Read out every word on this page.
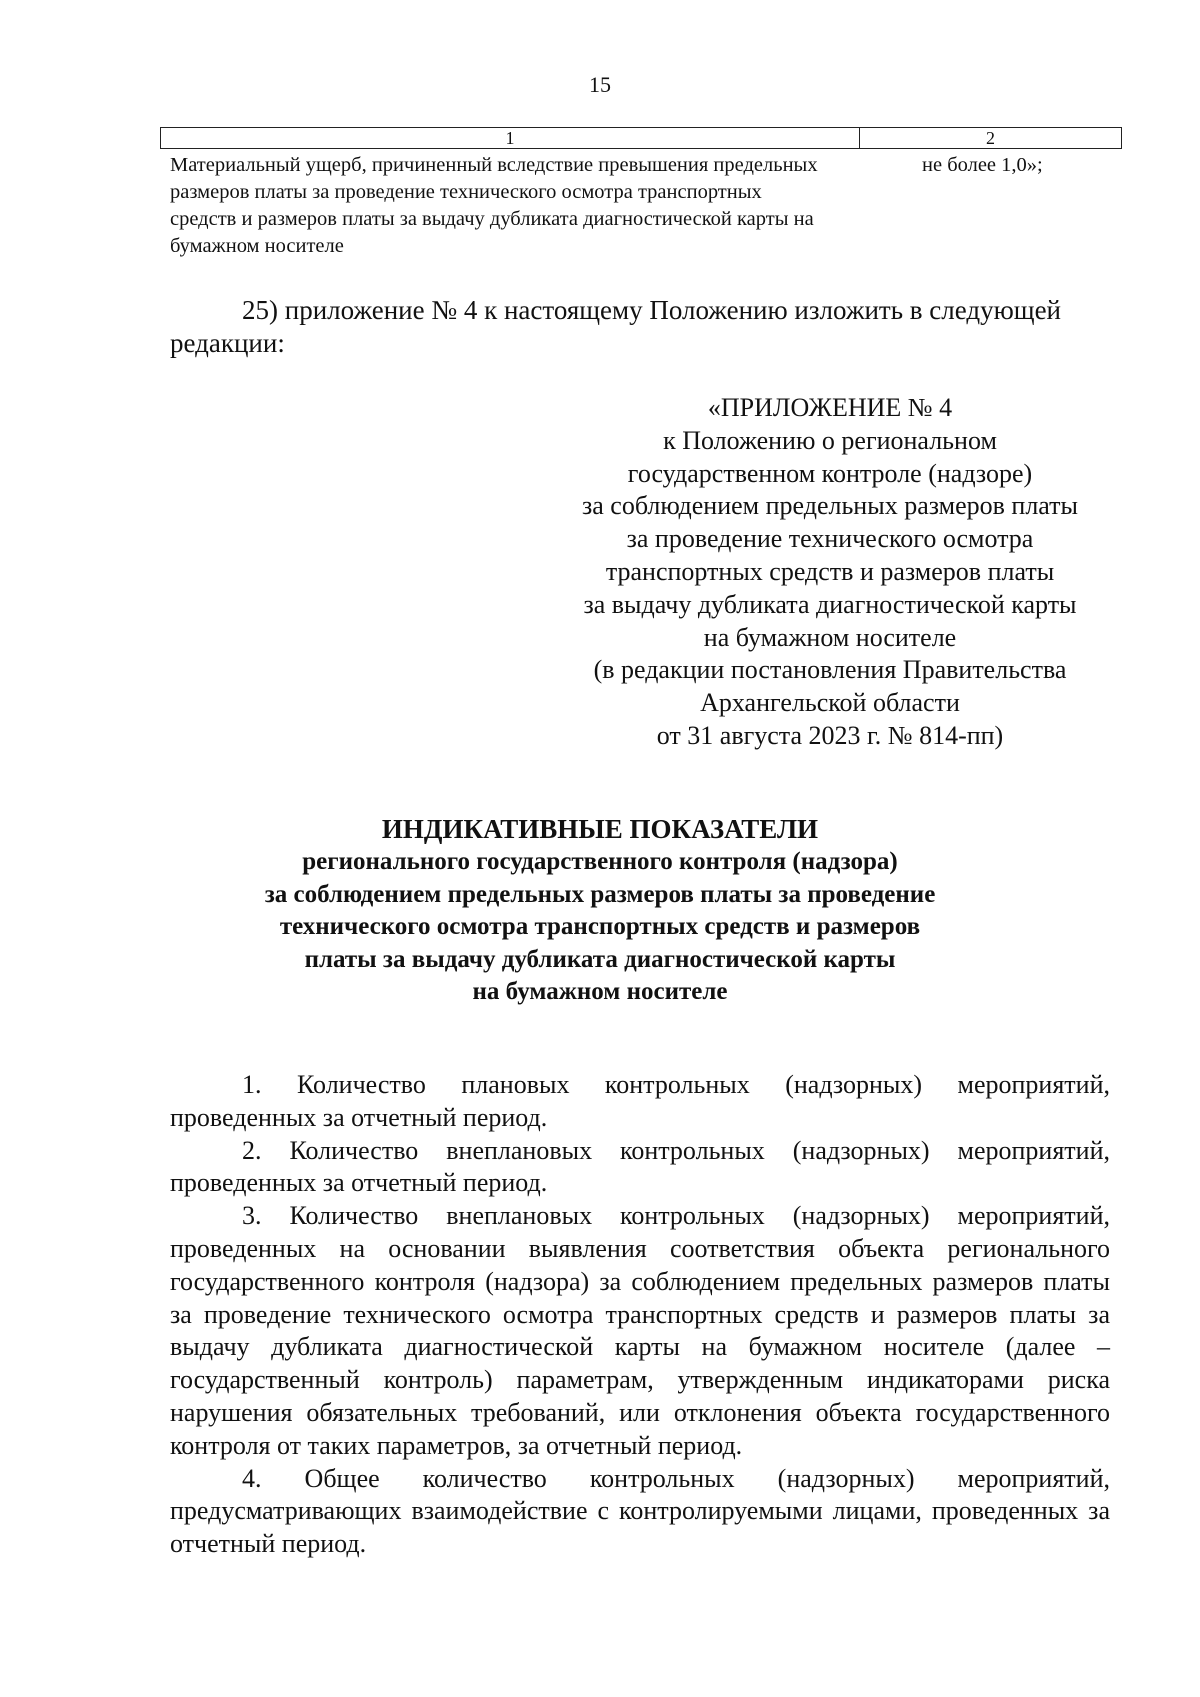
15
1	2
Материальный ущерб, причиненный вследствие превышения предельных размеров платы за проведение технического осмотра транспортных средств и размеров платы за выдачу дубликата диагностической карты на бумажном носителе
не более 1,0»;

25) приложение № 4 к настоящему Положению изложить в следующей редакции:

«ПРИЛОЖЕНИЕ № 4
к Положению о региональном
государственном контроле (надзоре)
за соблюдением предельных размеров платы
за проведение технического осмотра
транспортных средств и размеров платы
за выдачу дубликата диагностической карты
на бумажном носителе
(в редакции постановления Правительства
Архангельской области
от 31 августа 2023 г. № 814-пп)
ИНДИКАТИВНЫЕ ПОКАЗАТЕЛИ
регионального государственного контроля (надзора)
за соблюдением предельных размеров платы за проведение
технического осмотра транспортных средств и размеров
платы за выдачу дубликата диагностической карты
на бумажном носителе

1. Количество плановых контрольных (надзорных) мероприятий, проведенных за отчетный период.

2. Количество внеплановых контрольных (надзорных) мероприятий, проведенных за отчетный период.

3. Количество внеплановых контрольных (надзорных) мероприятий, проведенных на основании выявления соответствия объекта регионального государственного контроля (надзора) за соблюдением предельных размеров платы за проведение технического осмотра транспортных средств и размеров платы за выдачу дубликата диагностической карты на бумажном носителе (далее – государственный контроль) параметрам, утвержденным индикаторами риска нарушения обязательных требований, или отклонения объекта государственного контроля от таких параметров, за отчетный период.

4. Общее количество контрольных (надзорных) мероприятий, предусматривающих взаимодействие с контролируемыми лицами, проведенных за отчетный период.
